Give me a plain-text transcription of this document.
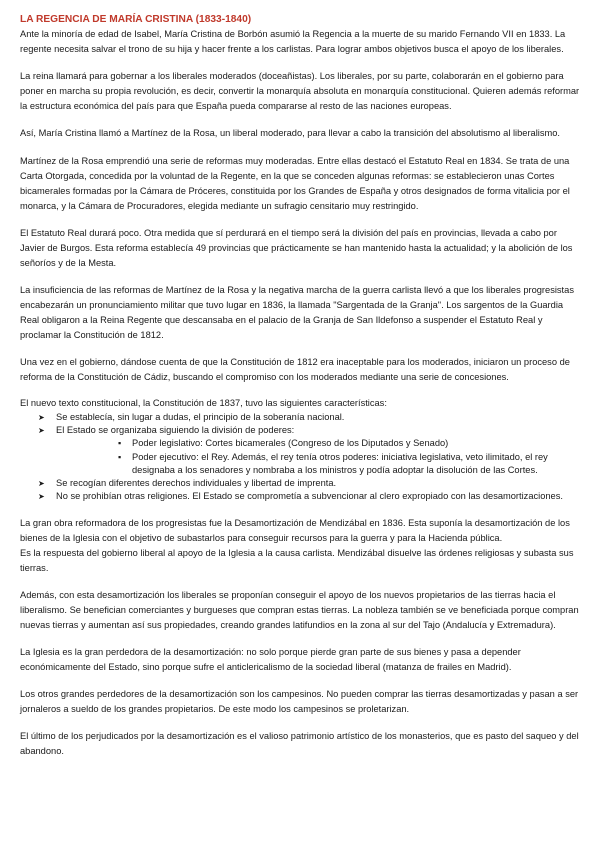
LA REGENCIA DE MARÍA CRISTINA (1833-1840)

Ante la minoría de edad de Isabel, María Cristina de Borbón asumió la Regencia a la muerte de su marido Fernando VII en 1833. La regente necesita salvar el trono de su hija y hacer frente a los carlistas. Para lograr ambos objetivos busca el apoyo de los liberales.

La reina llamará para gobernar a los liberales moderados (doceañistas). Los liberales, por su parte, colaborarán en el gobierno para poner en marcha su propia revolución, es decir, convertir la monarquía absoluta en monarquía constitucional. Quieren además reformar la estructura económica del país para que España pueda compararse al resto de las naciones europeas.

Así, María Cristina llamó a Martínez de la Rosa, un liberal moderado, para llevar a cabo la transición del absolutismo al liberalismo.

Martínez de la Rosa emprendió una serie de reformas muy moderadas. Entre ellas destacó el Estatuto Real en 1834. Se trata de una Carta Otorgada, concedida por la voluntad de la Regente, en la que se conceden algunas reformas: se establecieron unas Cortes bicamerales formadas por la Cámara de Próceres, constituida por los Grandes de España y otros designados de forma vitalicia por el monarca, y la Cámara de Procuradores, elegida mediante un sufragio censitario muy restringido.

El Estatuto Real durará poco. Otra medida que sí perdurará en el tiempo será la división del país en provincias, llevada a cabo por Javier de Burgos. Esta reforma establecía 49 provincias que prácticamente se han mantenido hasta la actualidad; y la abolición de los señoríos y de la Mesta.

La insuficiencia de las reformas de Martínez de la Rosa y la negativa marcha de la guerra carlista llevó a que los liberales progresistas encabezarán un pronunciamiento militar que tuvo lugar en 1836, la llamada "Sargentada de la Granja". Los sargentos de la Guardia Real obligaron a la Reina Regente que descansaba en el palacio de la Granja de San Ildefonso a suspender el Estatuto Real y proclamar la Constitución de 1812.

Una vez en el gobierno, dándose cuenta de que la Constitución de 1812 era inaceptable para los moderados, iniciaron un proceso de reforma de la Constitución de Cádiz, buscando el compromiso con los moderados mediante una serie de concesiones.

El nuevo texto constitucional, la Constitución de 1837, tuvo las siguientes características:

➤ Se establecía, sin lugar a dudas, el principio de la soberanía nacional.
➤ El Estado se organizaba siguiendo la división de poderes:
▪ Poder legislativo: Cortes bicamerales (Congreso de los Diputados y Senado)
▪ Poder ejecutivo: el Rey. Además, el rey tenía otros poderes: iniciativa legislativa, veto ilimitado, el rey designaba a los senadores y nombraba a los ministros y podía adoptar la disolución de las Cortes.
➤ Se recogían diferentes derechos individuales y libertad de imprenta.
➤ No se prohibían otras religiones. El Estado se comprometía a subvencionar al clero expropiado con las desamortizaciones.

La gran obra reformadora de los progresistas fue la Desamortización de Mendizábal en 1836. Esta suponía la desamortización de los bienes de la Iglesia con el objetivo de subastarlos para conseguir recursos para la guerra y para la Hacienda pública.

Es la respuesta del gobierno liberal al apoyo de la Iglesia a la causa carlista. Mendizábal disuelve las órdenes religiosas y subasta sus tierras.

Además, con esta desamortización los liberales se proponían conseguir el apoyo de los nuevos propietarios de las tierras hacia el liberalismo. Se benefician comerciantes y burgueses que compran estas tierras. La nobleza también se ve beneficiada porque compran nuevas tierras y aumentan así sus propiedades, creando grandes latifundios en la zona al sur del Tajo (Andalucía y Extremadura).

La Iglesia es la gran perdedora de la desamortización: no solo porque pierde gran parte de sus bienes y pasa a depender económicamente del Estado, sino porque sufre el anticlericalismo de la sociedad liberal (matanza de frailes en Madrid).

Los otros grandes perdedores de la desamortización son los campesinos. No pueden comprar las tierras desamortizadas y pasan a ser jornaleros a sueldo de los grandes propietarios. De este modo los campesinos se proletarizan.

El último de los perjudicados por la desamortización es el valioso patrimonio artístico de los monasterios, que es pasto del saqueo y del abandono.
